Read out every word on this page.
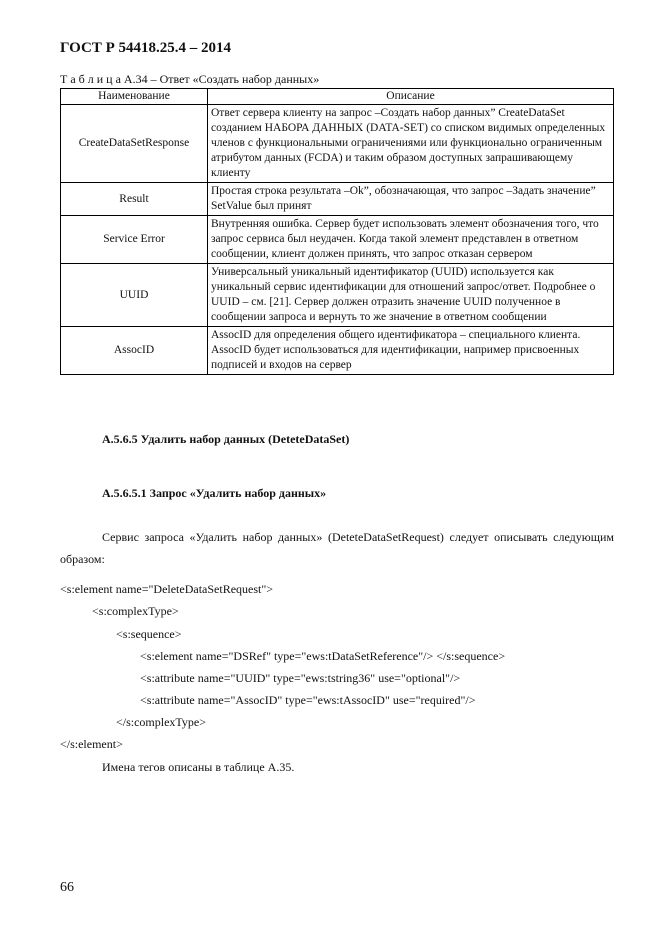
ГОСТ Р 54418.25.4 – 2014
Т а б л и ц а А.34 – Ответ «Создать набор данных»
Наименование	Описание
CreateDataSetResponse	Ответ сервера клиенту на запрос –Создать набор данных” CreateDataSet созданием НАБОРА ДАННЫХ (DATA-SET) со списком видимых определенных членов с функциональными ограничениями или функционально ограниченным атрибутом данных (FCDA) и таким образом доступных запрашивающему клиенту
Result	Простая строка результата –Ok”, обозначающая, что запрос –Задать значение” SetValue был принят
Service Error	Внутренняя ошибка. Сервер будет использовать элемент обозначения того, что запрос сервиса был неудачен. Когда такой элемент представлен в ответном сообщении, клиент должен принять, что запрос отказан сервером
UUID	Универсальный уникальный идентификатор (UUID) используется как уникальный сервис идентификации для отношений запрос/ответ. Подробнее о UUID – см. [21]. Сервер должен отразить значение UUID полученное в сообщении запроса и вернуть то же значение в ответном сообщении
AssocID	AssocID для определения общего идентификатора – специального клиента. AssocID будет использоваться для идентификации, например присвоенных подписей и входов на сервер
А.5.6.5 Удалить набор данных (DeteteDataSet)
А.5.6.5.1 Запрос «Удалить набор данных»
Сервис запроса «Удалить набор данных» (DeteteDataSetRequest) следует описывать следующим образом:
<s:element name="DeleteDataSetRequest">
<s:complexType>
<s:sequence>
<s:element name="DSRef" type="ews:tDataSetReference"/> </s:sequence>
<s:attribute name="UUID" type="ews:tstring36" use="optional"/>
<s:attribute name="AssocID" type="ews:tAssocID" use="required"/>
</s:complexType>
</s:element>
Имена тегов описаны в таблице А.35.
66
